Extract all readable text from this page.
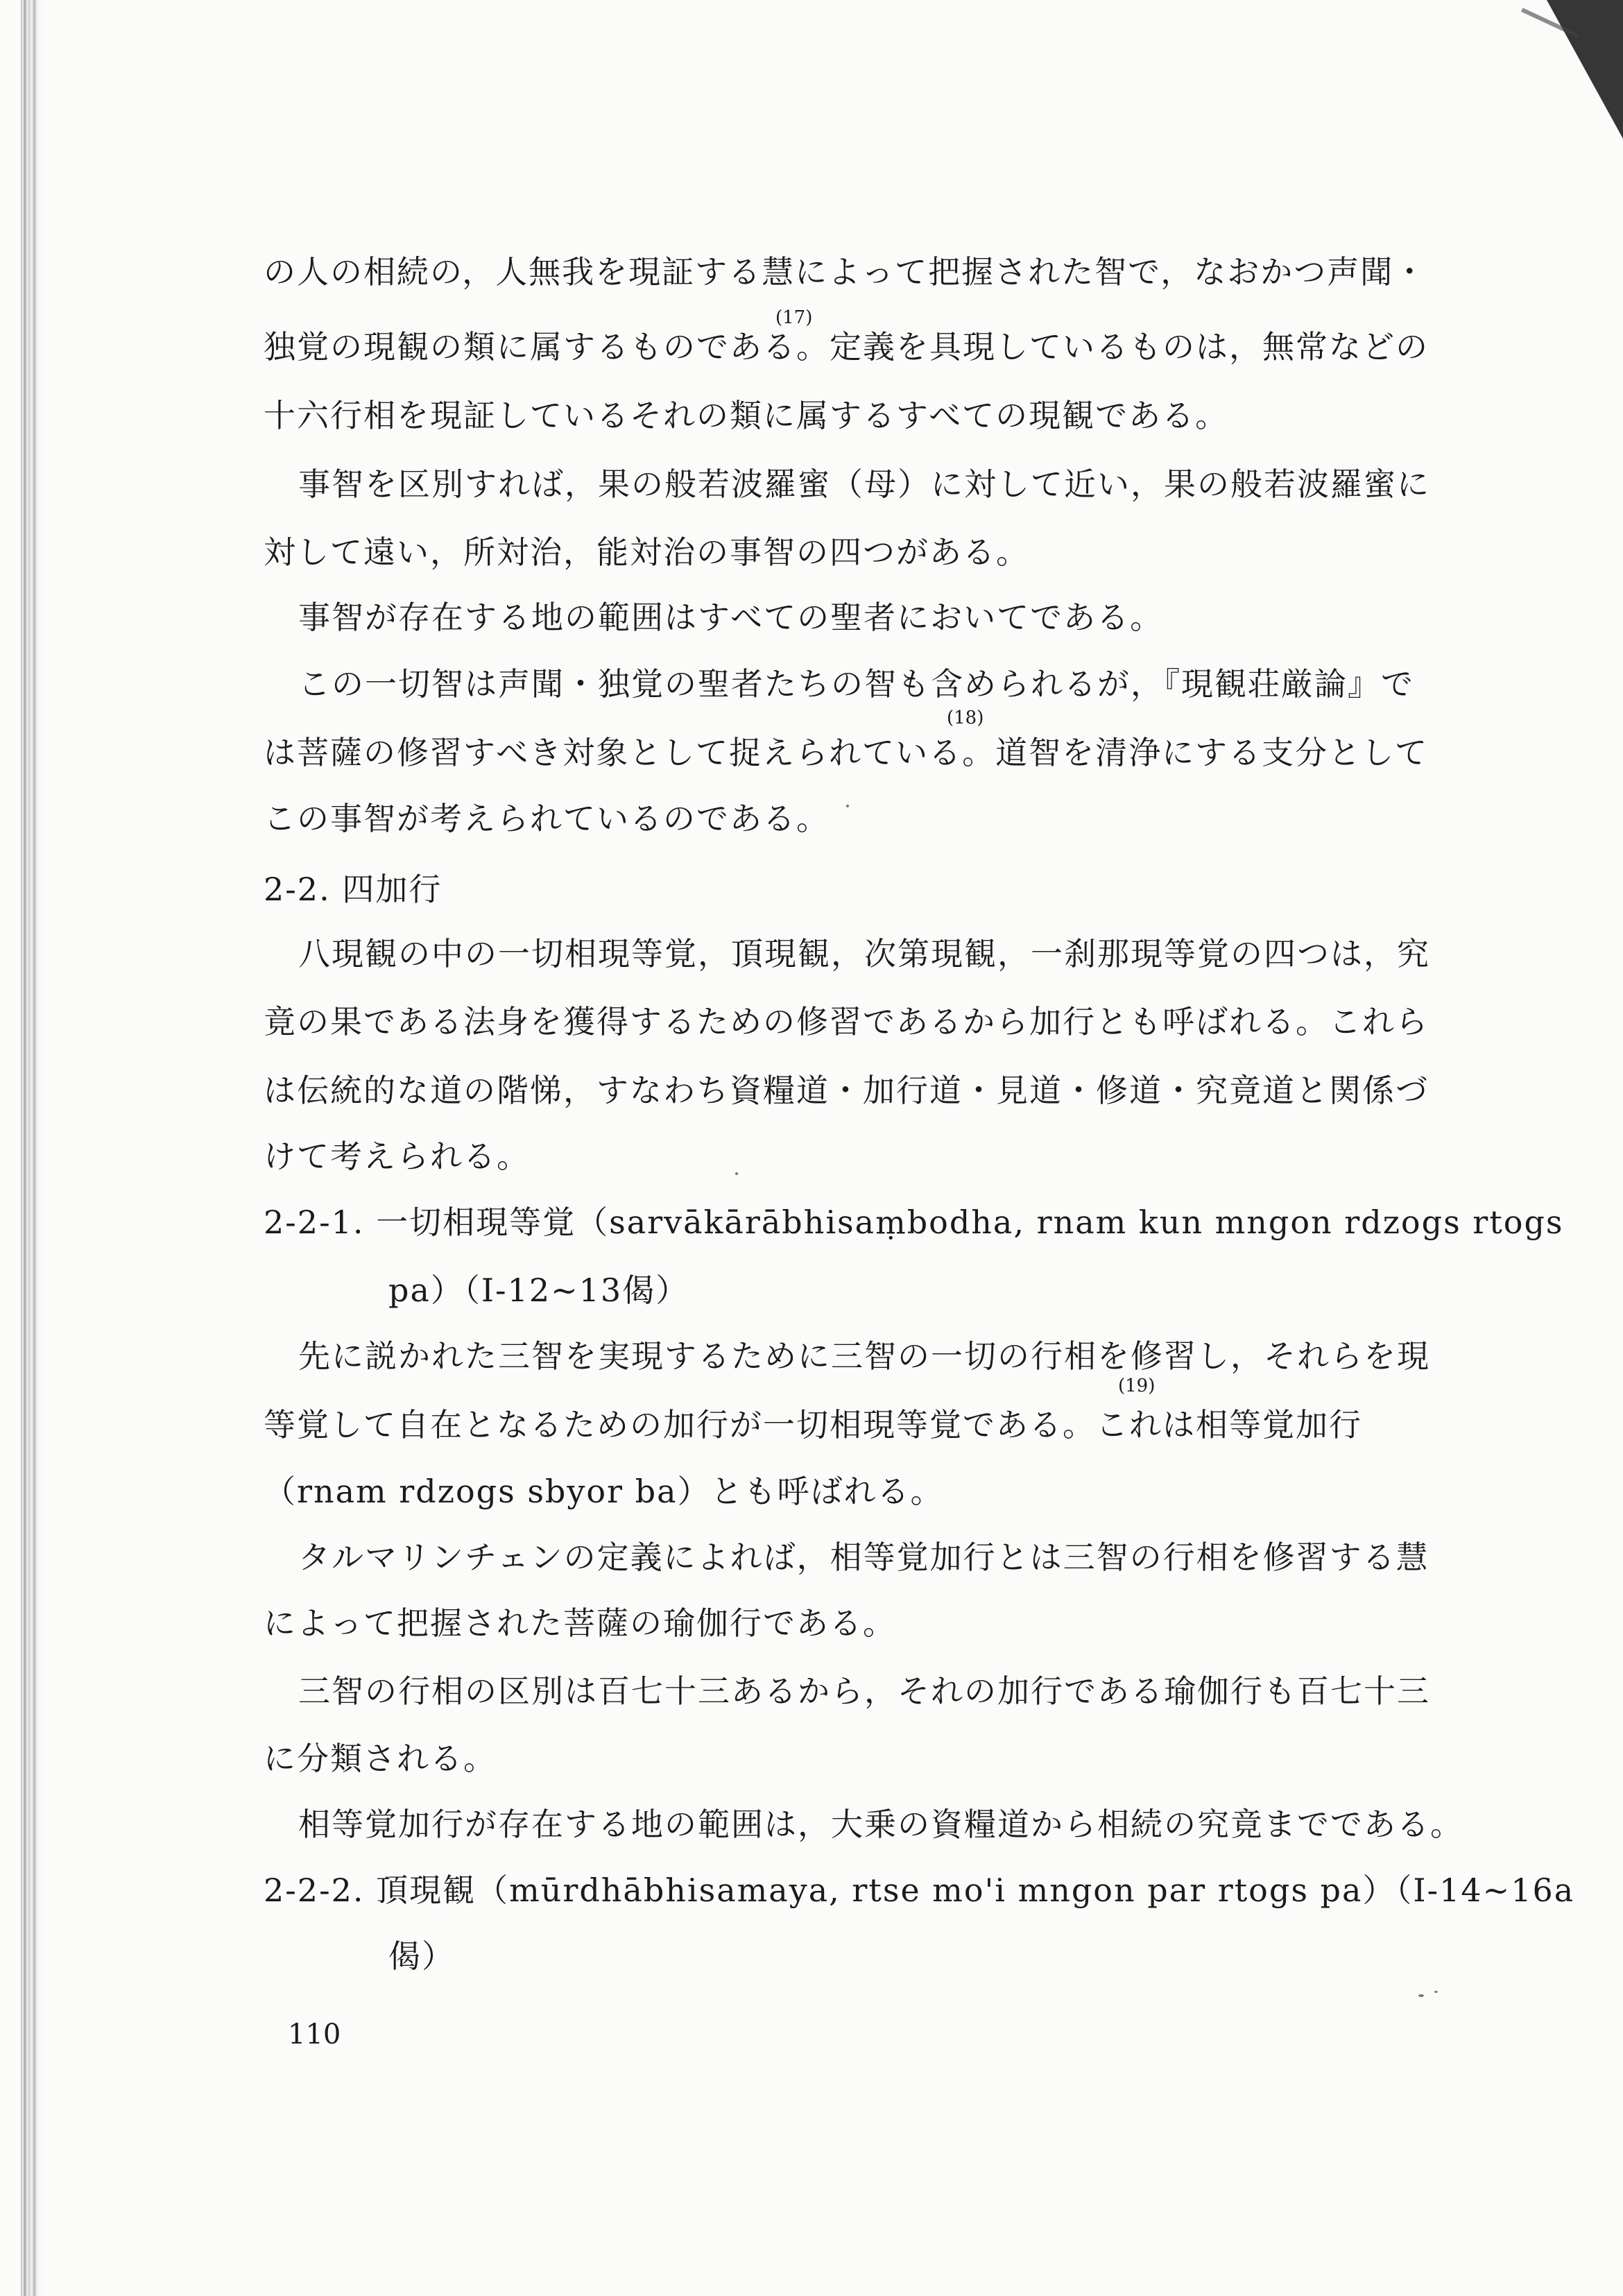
の人の相続の，人無我を現証する慧によって把握された智で，なおかつ声聞・
独覚の現観の類に属するものである。定義を具現しているものは，無常などの
十六行相を現証しているそれの類に属するすべての現観である。
事智を区別すれば，果の般若波羅蜜（母）に対して近い，果の般若波羅蜜に
対して遠い，所対治，能対治の事智の四つがある。
事智が存在する地の範囲はすべての聖者においてである。
この一切智は声聞・独覚の聖者たちの智も含められるが，『現観荘厳論』で
は菩薩の修習すべき対象として捉えられている。道智を清浄にする支分として
この事智が考えられているのである。
2-2. 四加行
八現観の中の一切相現等覚，頂現観，次第現観，一刹那現等覚の四つは，究
竟の果である法身を獲得するための修習であるから加行とも呼ばれる。これら
は伝統的な道の階悌，すなわち資糧道・加行道・見道・修道・究竟道と関係づ
けて考えられる。
2-2-1. 一切相現等覚（sarvākārābhisaṃbodha, rnam kun mngon rdzogs rtogs
pa）（I-12~13偈）
先に説かれた三智を実現するために三智の一切の行相を修習し，それらを現
等覚して自在となるための加行が一切相現等覚である。これは相等覚加行
（rnam rdzogs sbyor ba）とも呼ばれる。
タルマリンチェンの定義によれば，相等覚加行とは三智の行相を修習する慧
によって把握された菩薩の瑜伽行である。
三智の行相の区別は百七十三あるから，それの加行である瑜伽行も百七十三
に分類される。
相等覚加行が存在する地の範囲は，大乗の資糧道から相続の究竟までである。
2-2-2. 頂現観（mūrdhābhisamaya, rtse mo'i mngon par rtogs pa）（I-14~16a
偈）
(17)
(18)
(19)
110
